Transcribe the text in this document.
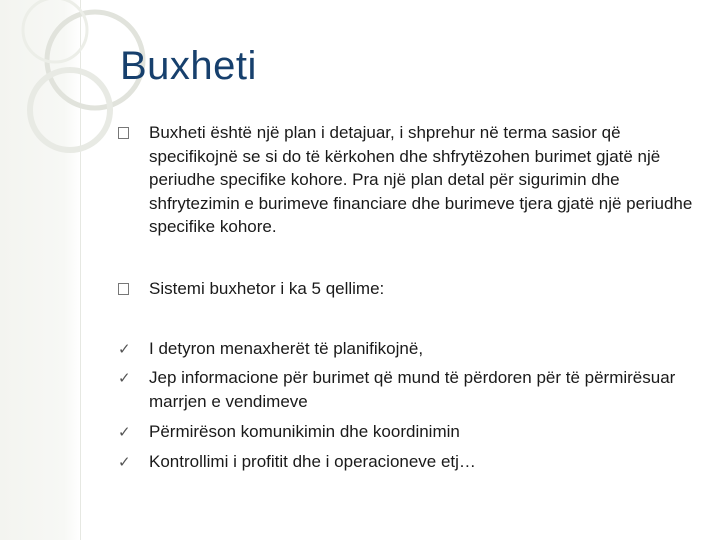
Buxheti
Buxheti është një plan i detajuar, i shprehur në terma sasior që specifikojnë se si do të kërkohen dhe shfrytëzohen burimet gjatë një periudhe specifike kohore. Pra një plan detal për sigurimin dhe shfrytezimin e burimeve financiare dhe burimeve tjera gjatë një periudhe specifike kohore.
Sistemi buxhetor i ka 5 qellime:
✓	I detyron menaxherët të planifikojnë,
✓	Jep informacione për burimet që mund të përdoren për të përmirësuar marrjen e vendimeve
✓	Përmirëson komunikimin dhe koordinimin
✓	Kontrollimi i profitit dhe i operacioneve etj…
